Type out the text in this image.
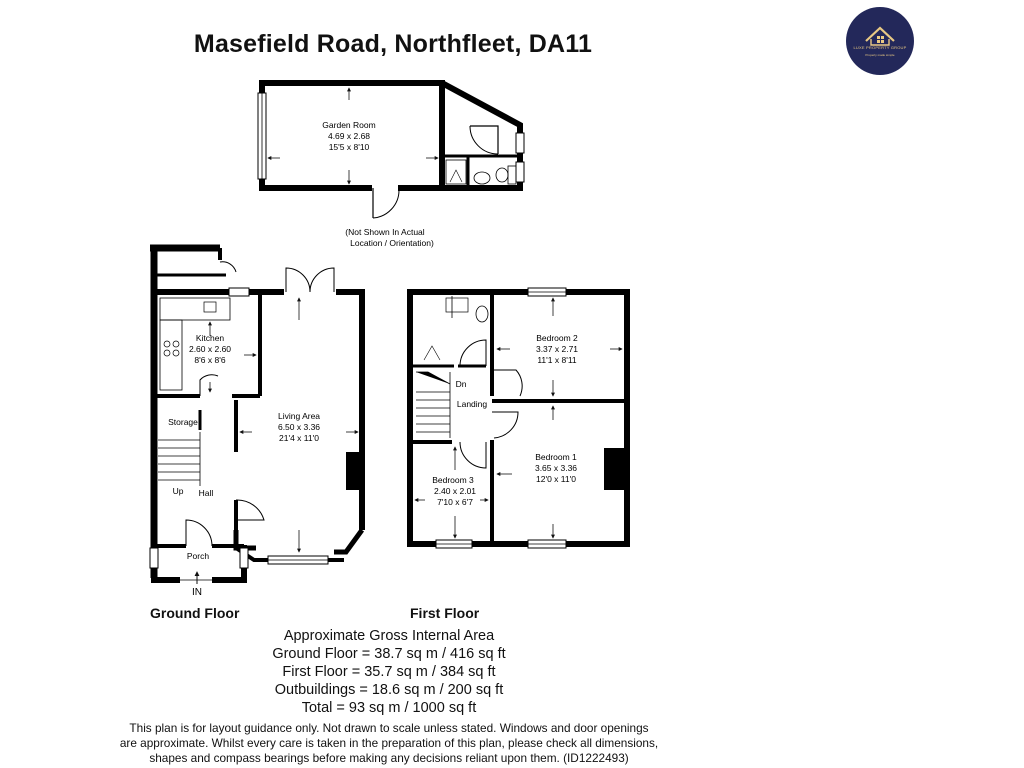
Masefield Road, Northfleet, DA11	LUXE PROPERTY GROUP
Property made simple
Garden Room
4.69 x 2.68
15'5 x 8'10
(Not Shown In Actual
Location / Orientation)
Kitchen
2.60 x 2.60
8'6 x 8'6
Living Area
6.50 x 3.36
21'4 x 11'0
Storage
Up Hall
Porch
IN
Bedroom 2
3.37 x 2.71
11'1 x 8'11
Bedroom 1
3.65 x 3.36
12'0 x 11'0
Bedroom 3
2.40 x 2.01
7'10 x 6'7
Landing
Dn
Ground Floor	First Floor
Approximate Gross Internal Area
Ground Floor = 38.7 sq m / 416 sq ft
First Floor = 35.7 sq m / 384 sq ft
Outbuildings = 18.6 sq m / 200 sq ft
Total = 93 sq m / 1000 sq ft
This plan is for layout guidance only. Not drawn to scale unless stated. Windows and door openings
are approximate. Whilst every care is taken in the preparation of this plan, please check all dimensions,
shapes and compass bearings before making any decisions reliant upon them. (ID1222493)
